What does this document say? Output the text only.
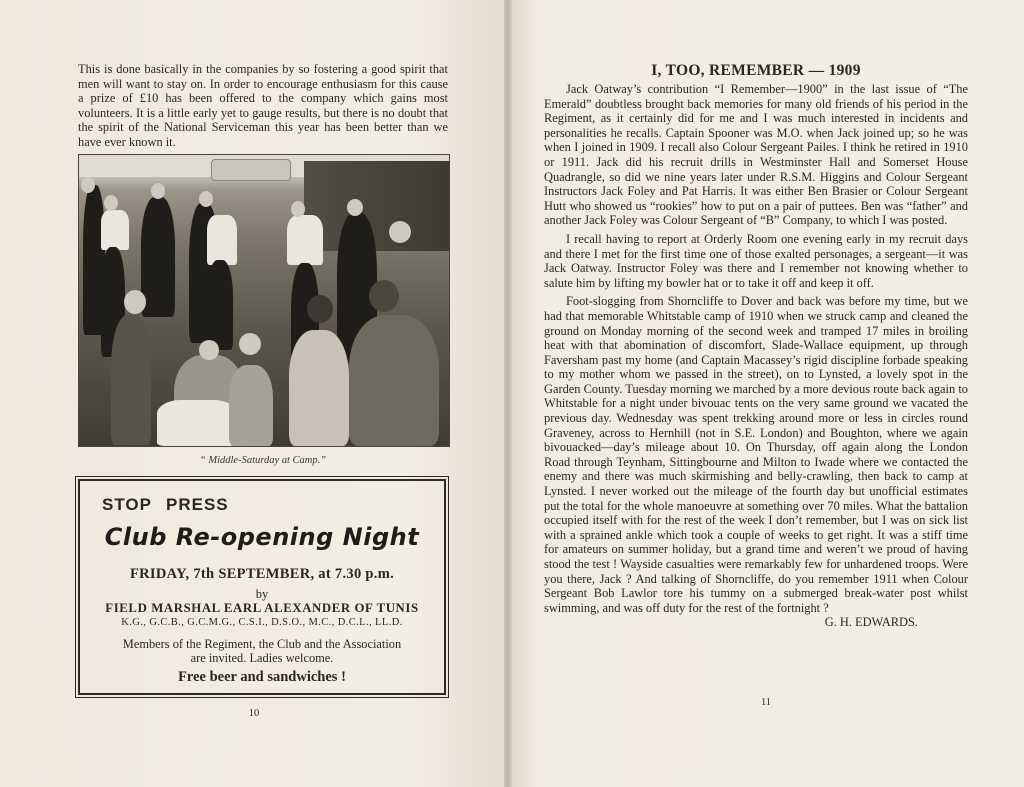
This is done basically in the companies by so fostering a good spirit that men will want to stay on. In order to encourage enthusiasm for this cause a prize of £10 has been offered to the company which gains most volunteers. It is a little early yet to gauge results, but there is no doubt that the spirit of the National Serviceman this year has been better than we have ever known it.
“ Middle-Saturday at Camp.”
STOP PRESS
Club Re-opening Night
FRIDAY, 7th SEPTEMBER, at 7.30 p.m.
by
FIELD MARSHAL EARL ALEXANDER OF TUNIS
K.G., G.C.B., G.C.M.G., C.S.I., D.S.O., M.C., D.C.L., LL.D.
Members of the Regiment, the Club and the Association
are invited. Ladies welcome.
Free beer and sandwiches !
10
I, TOO, REMEMBER — 1909

Jack Oatway’s contribution “I Remember—1900” in the last issue of “The Emerald” doubtless brought back memories for many old friends of his period in the Regiment, as it certainly did for me and I was much interested in incidents and personalities he recalls. Captain Spooner was M.O. when Jack joined up; so he was when I joined in 1909. I recall also Colour Sergeant Pailes. I think he retired in 1910 or 1911. Jack did his recruit drills in Westminster Hall and Somerset House Quadrangle, so did we nine years later under R.S.M. Higgins and Colour Sergeant Instructors Jack Foley and Pat Harris. It was either Ben Brasier or Colour Sergeant Hutt who showed us “rookies” how to put on a pair of puttees. Ben was “father” and another Jack Foley was Colour Sergeant of “B” Company, to which I was posted.

I recall having to report at Orderly Room one evening early in my recruit days and there I met for the first time one of those exalted personages, a sergeant—it was Jack Oatway. Instructor Foley was there and I remember not knowing whether to salute him by lifting my bowler hat or to take it off and keep it off.

Foot-slogging from Shorncliffe to Dover and back was before my time, but we had that memorable Whitstable camp of 1910 when we struck camp and cleaned the ground on Monday morning of the second week and tramped 17 miles in broiling heat with that abomination of discomfort, Slade-Wallace equipment, up through Faversham past my home (and Captain Macassey’s rigid discipline forbade speaking to my mother whom we passed in the street), on to Lynsted, a lovely spot in the Garden County. Tuesday morning we marched by a more devious route back again to Whitstable for a night under bivouac tents on the very same ground we vacated the previous day. Wednesday was spent trekking around more or less in circles round Graveney, across to Hernhill (not in S.E. London) and Boughton, where we again bivouacked—day’s mileage about 10. On Thursday, off again along the London Road through Teynham, Sittingbourne and Milton to Iwade where we contacted the enemy and there was much skirmishing and belly-crawling, then back to camp at Lynsted. I never worked out the mileage of the fourth day but unofficial estimates put the total for the whole manoeuvre at something over 70 miles. What the battalion occupied itself with for the rest of the week I don’t remember, but I was on sick list with a sprained ankle which took a couple of weeks to get right. It was a stiff time for amateurs on summer holiday, but a grand time and weren’t we proud of having stood the test ! Wayside casualties were remarkably few for unhardened troops. Were you there, Jack ? And talking of Shorncliffe, do you remember 1911 when Colour Sergeant Bob Lawlor tore his tummy on a submerged break-water post whilst swimming, and was off duty for the rest of the fortnight ?
G. H. EDWARDS.

11
